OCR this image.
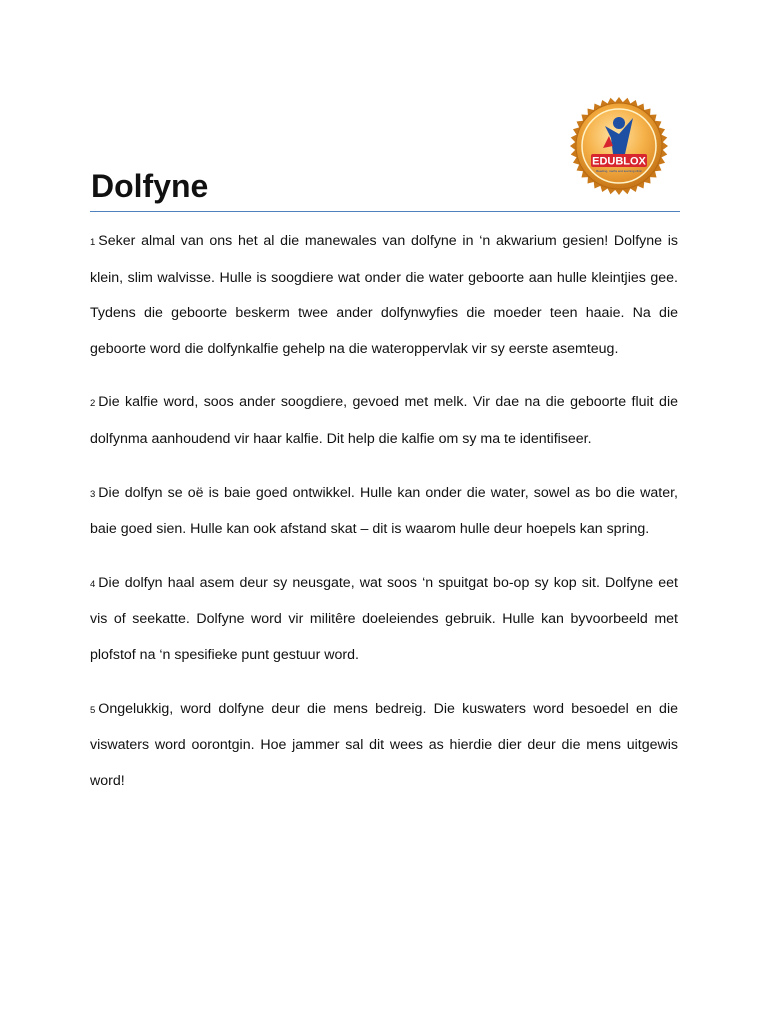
EDUBLOX
Reading, maths and learning clinic
Dolfyne

1 Seker almal van ons het al die manewales van dolfyne in ‘n akwarium gesien! Dolfyne is klein, slim walvisse. Hulle is soogdiere wat onder die water geboorte aan hulle kleintjies gee. Tydens die geboorte beskerm twee ander dolfynwyfies die moeder teen haaie. Na die geboorte word die dolfynkalfie gehelp na die wateroppervlak vir sy eerste asemteug.

2 Die kalfie word, soos ander soogdiere, gevoed met melk. Vir dae na die geboorte fluit die dolfynma aanhoudend vir haar kalfie. Dit help die kalfie om sy ma te identifiseer.

3 Die dolfyn se oë is baie goed ontwikkel. Hulle kan onder die water, sowel as bo die water, baie goed sien. Hulle kan ook afstand skat – dit is waarom hulle deur hoepels kan spring.

4 Die dolfyn haal asem deur sy neusgate, wat soos ‘n spuitgat bo-op sy kop sit. Dolfyne eet vis of seekatte. Dolfyne word vir militêre doeleiendes gebruik. Hulle kan byvoorbeeld met plofstof na ‘n spesifieke punt gestuur word.

5 Ongelukkig, word dolfyne deur die mens bedreig. Die kuswaters word besoedel en die viswaters word oorontgin. Hoe jammer sal dit wees as hierdie dier deur die mens uitgewis word!
